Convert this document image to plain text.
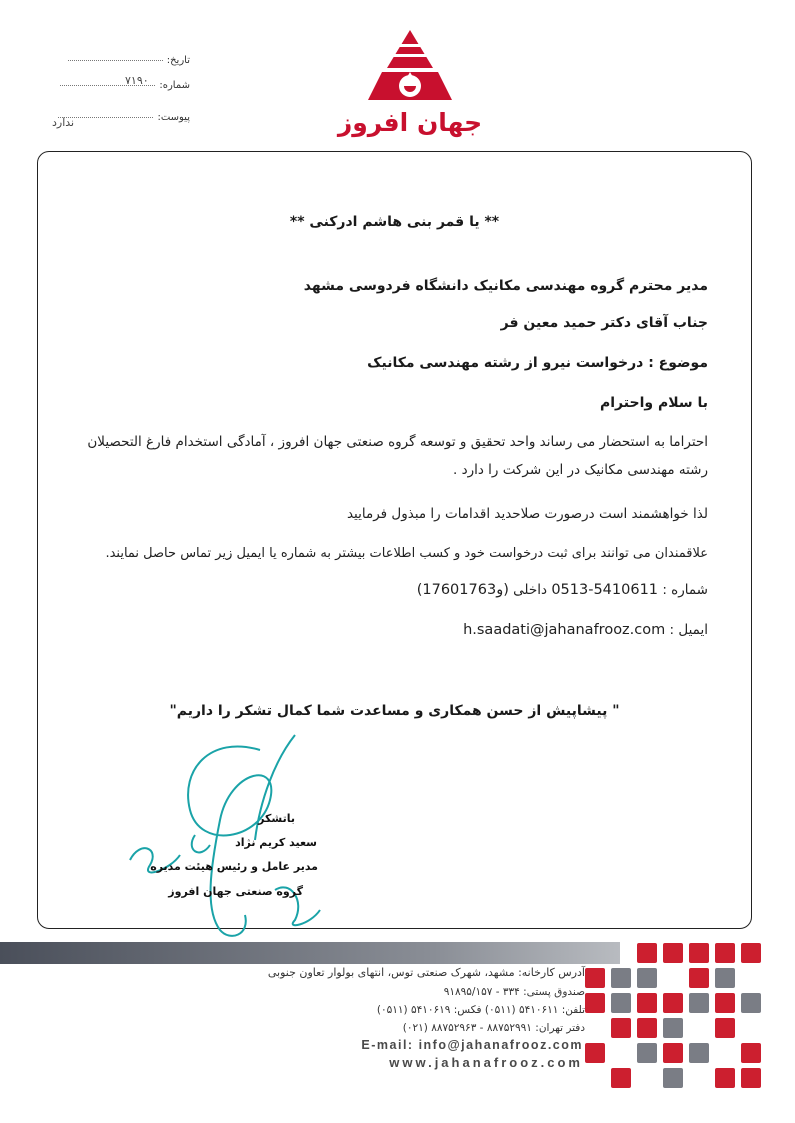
تاریخ:
شماره:
۷۱۹۰
پیوست:
ندارد	جهان افروز
** یا قمر بنی هاشم ادرکنی **
مدیر محترم گروه مهندسی مکانیک دانشگاه فردوسی مشهد
جناب آقای دکتر حمید معین فر
موضوع : درخواست نیرو از رشته مهندسی مکانیک
با سلام واحترام
احتراما به استحضار می رساند واحد تحقیق و توسعه گروه صنعتی جهان افروز ، آمادگی استخدام فارغ التحصیلان
رشته مهندسی مکانیک در این شرکت را دارد .
لذا خواهشمند است درصورت صلاحدید اقدامات را مبذول فرمایید
علاقمندان می توانند برای ثبت درخواست خود و کسب اطلاعات بیشتر به شماره یا ایمیل زیر تماس حاصل نمایند.
شماره : 0513-5410611 داخلی (1760و1763)
ایمیل : h.saadati@jahanafrooz.com
" پیشاپیش از حسن همکاری و مساعدت شما کمال تشکر را داریم"
باتشکر
سعید کریم نژاد
مدیر عامل و رئیس هیئت مدیره
گروه صنعتی جهان افروز
آدرس کارخانه: مشهد، شهرک صنعتی توس، انتهای بولوار تعاون جنوبی
صندوق پستی: ۳۳۴ - ۹۱۸۹۵/۱۵۷
تلفن: ۵۴۱۰۶۱۱ (۰۵۱۱) فکس: ۵۴۱۰۶۱۹ (۰۵۱۱)
دفتر تهران: ۸۸۷۵۲۹۹۱ - ۸۸۷۵۲۹۶۳ (۰۲۱)
E-mail: info@jahanafrooz.com
www.jahanafrooz.com
